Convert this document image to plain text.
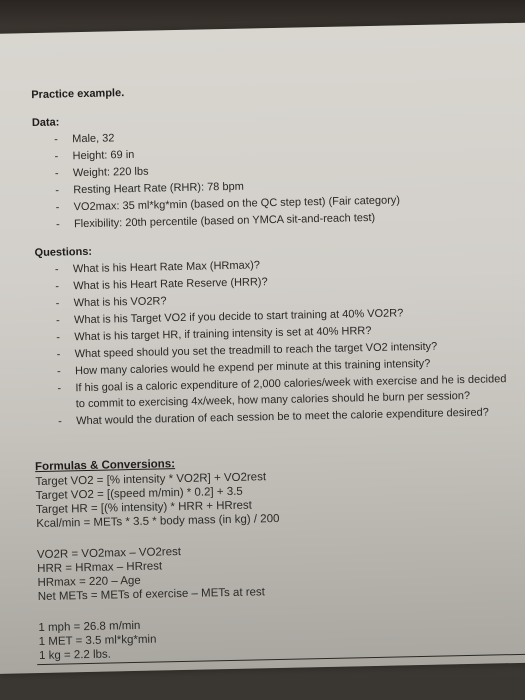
Practice example.
Data:
-	Male, 32
-	Height: 69 in
-	Weight: 220 lbs
-	Resting Heart Rate (RHR): 78 bpm
-	VO2max: 35 ml*kg*min (based on the QC step test) (Fair category)
-	Flexibility: 20th percentile (based on YMCA sit-and-reach test)
Questions:
-	What is his Heart Rate Max (HRmax)?
-	What is his Heart Rate Reserve (HRR)?
-	What is his VO2R?
-	What is his Target VO2 if you decide to start training at 40% VO2R?
-	What is his target HR, if training intensity is set at 40% HRR?
-	What speed should you set the treadmill to reach the target VO2 intensity?
-	How many calories would he expend per minute at this training intensity?
-	If his goal is a caloric expenditure of 2,000 calories/week with exercise and he is decided
to commit to exercising 4x/week, how many calories should he burn per session?
-	What would the duration of each session be to meet the calorie expenditure desired?
Formulas & Conversions:
Target VO2 = [% intensity * VO2R] + VO2rest
Target VO2 = [(speed m/min) * 0.2] + 3.5
Target HR = [(% intensity) * HRR + HRrest
Kcal/min = METs * 3.5 * body mass (in kg) / 200
VO2R = VO2max – VO2rest
HRR = HRmax – HRrest
HRmax = 220 – Age
Net METs = METs of exercise – METs at rest
1 mph = 26.8 m/min
1 MET = 3.5 ml*kg*min
1 kg = 2.2 lbs.
